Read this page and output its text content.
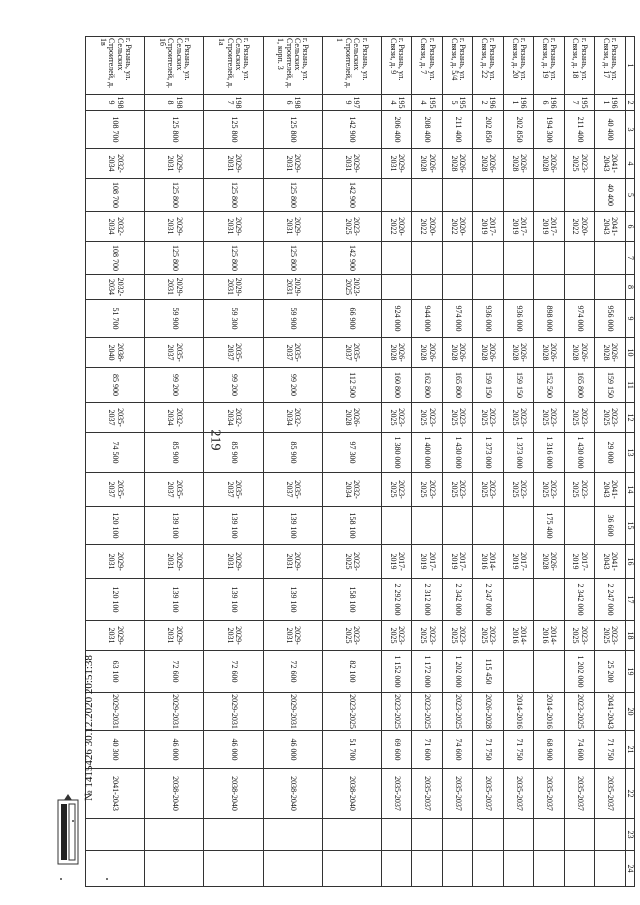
219
1	2	3	4	5	6	7	8	9	10	11	12	13	14	15	16	17	18	19	20	21	22	23	24
г. Рязань, ул. Связи, д. 17	1961	40 400	2041-2043	40 400	2041-2043			956 000	2026-2028	159 150	2023-2025	29 000	2041-2043	36 600	2041-2043	2 247 000	2023-2025	25 200	2041-2043	71 750	2035-2037		
г. Рязань, ул. Связи, д. 18	1957	211 400	2023-2025		2020-2022			974 000	2026-2028	165 800	2023-2025	1 430 000	2023-2025		2017-2019	2 342 000	2023-2025	1 202 000	2023-2025	74 600	2035-2037		
г. Рязань, ул. Связи, д. 19	1966	194 300	2026-2028		2017-2019			898 000	2026-2028	152 500	2023-2025	1 316 000	2023-2025	175 400	2026-2028		2014-2016		2014-2016	68 900	2035-2037		
г. Рязань, ул. Связи, д. 20	1961	202 850	2026-2028		2017-2019			936 000	2026-2028	159 150	2023-2025	1 373 000	2023-2025		2017-2019		2014-2016		2014-2016	71 750	2035-2037		
г. Рязань, ул. Связи, д. 22	1962	202 850	2026-2028		2017-2019			936 000	2026-2028	159 150	2023-2025	1 373 000	2023-2025		2014-2016	2 247 000	2023-2025	115 450	2026-2028	71 750	2035-2037		
г. Рязань, ул. Связи, д. 5/4	1955	211 400	2026-2028		2020-2022			974 000	2026-2028	165 800	2023-2025	1 430 000	2023-2025		2017-2019	2 342 000	2023-2025	1 202 000	2023-2025	74 600	2035-2037		
г. Рязань, ул. Связи, д. 7	1954	208 400	2026-2028		2020-2022			944 000	2026-2028	162 800	2023-2025	1 400 000	2023-2025		2017-2019	2 312 000	2023-2025	1 172 000	2023-2025	71 600	2035-2037		
г. Рязань, ул. Связи, д. 9	1954	206 400	2029-2031		2020-2022			924 000	2026-2028	160 800	2023-2025	1 380 000	2023-2025		2017-2019	2 292 000	2023-2025	1 152 000	2023-2025	69 600	2035-2037		
г. Рязань, ул. Сельских Строителей, д. 1	1979	142 900	2029-2031	142 900	2023-2025	142 900	2023-2025	66 900	2035-2037	112 500	2026-2028	97 300	2032-2034	158 100	2023-2025	158 100	2023-2025	82 100	2023-2025	51 700	2038-2040		
г. Рязань, ул. Сельских Строителей, д. 1, корп. 3	1986	125 800	2029-2031	125 800	2029-2031	125 800	2029-2031	59 900	2035-2037	99 200	2032-2034	85 900	2035-2037	139 100	2029-2031	139 100	2029-2031	72 600	2029-2031	46 000	2038-2040		
г. Рязань, ул. Сельских Строителей, д. 1а	1987	125 800	2029-2031	125 800	2029-2031	125 800	2029-2031	59 300	2035-2037	99 200	2032-2034	85 900	2035-2037	139 100	2029-2031	139 100	2029-2031	72 600	2029-2031	46 000	2038-2040		
г. Рязань, ул. Сельских Строителей, д. 1б	1988	125 800	2029-2031	125 800	2029-2031	125 800	2029-2031	59 900	2035-2037	99 200	2032-2034	85 900	2035-2037	139 100	2029-2031	139 100	2029-2031	72 600	2029-2031	46 000	2038-2040		
г. Рязань, ул. Сельских Строителей, д. 1в	1989	108 700	2032-2034	108 700	2032-2034	108 700	2032-2034	51 700	2038-2040	85 900	2035-2037	74 500	2035-2037	120 100	2029-2031	120 100	2029-2031	63 100	2029-2031	40 300	2041-2043		
№ 1415426 30.12.2020 20:51:38
